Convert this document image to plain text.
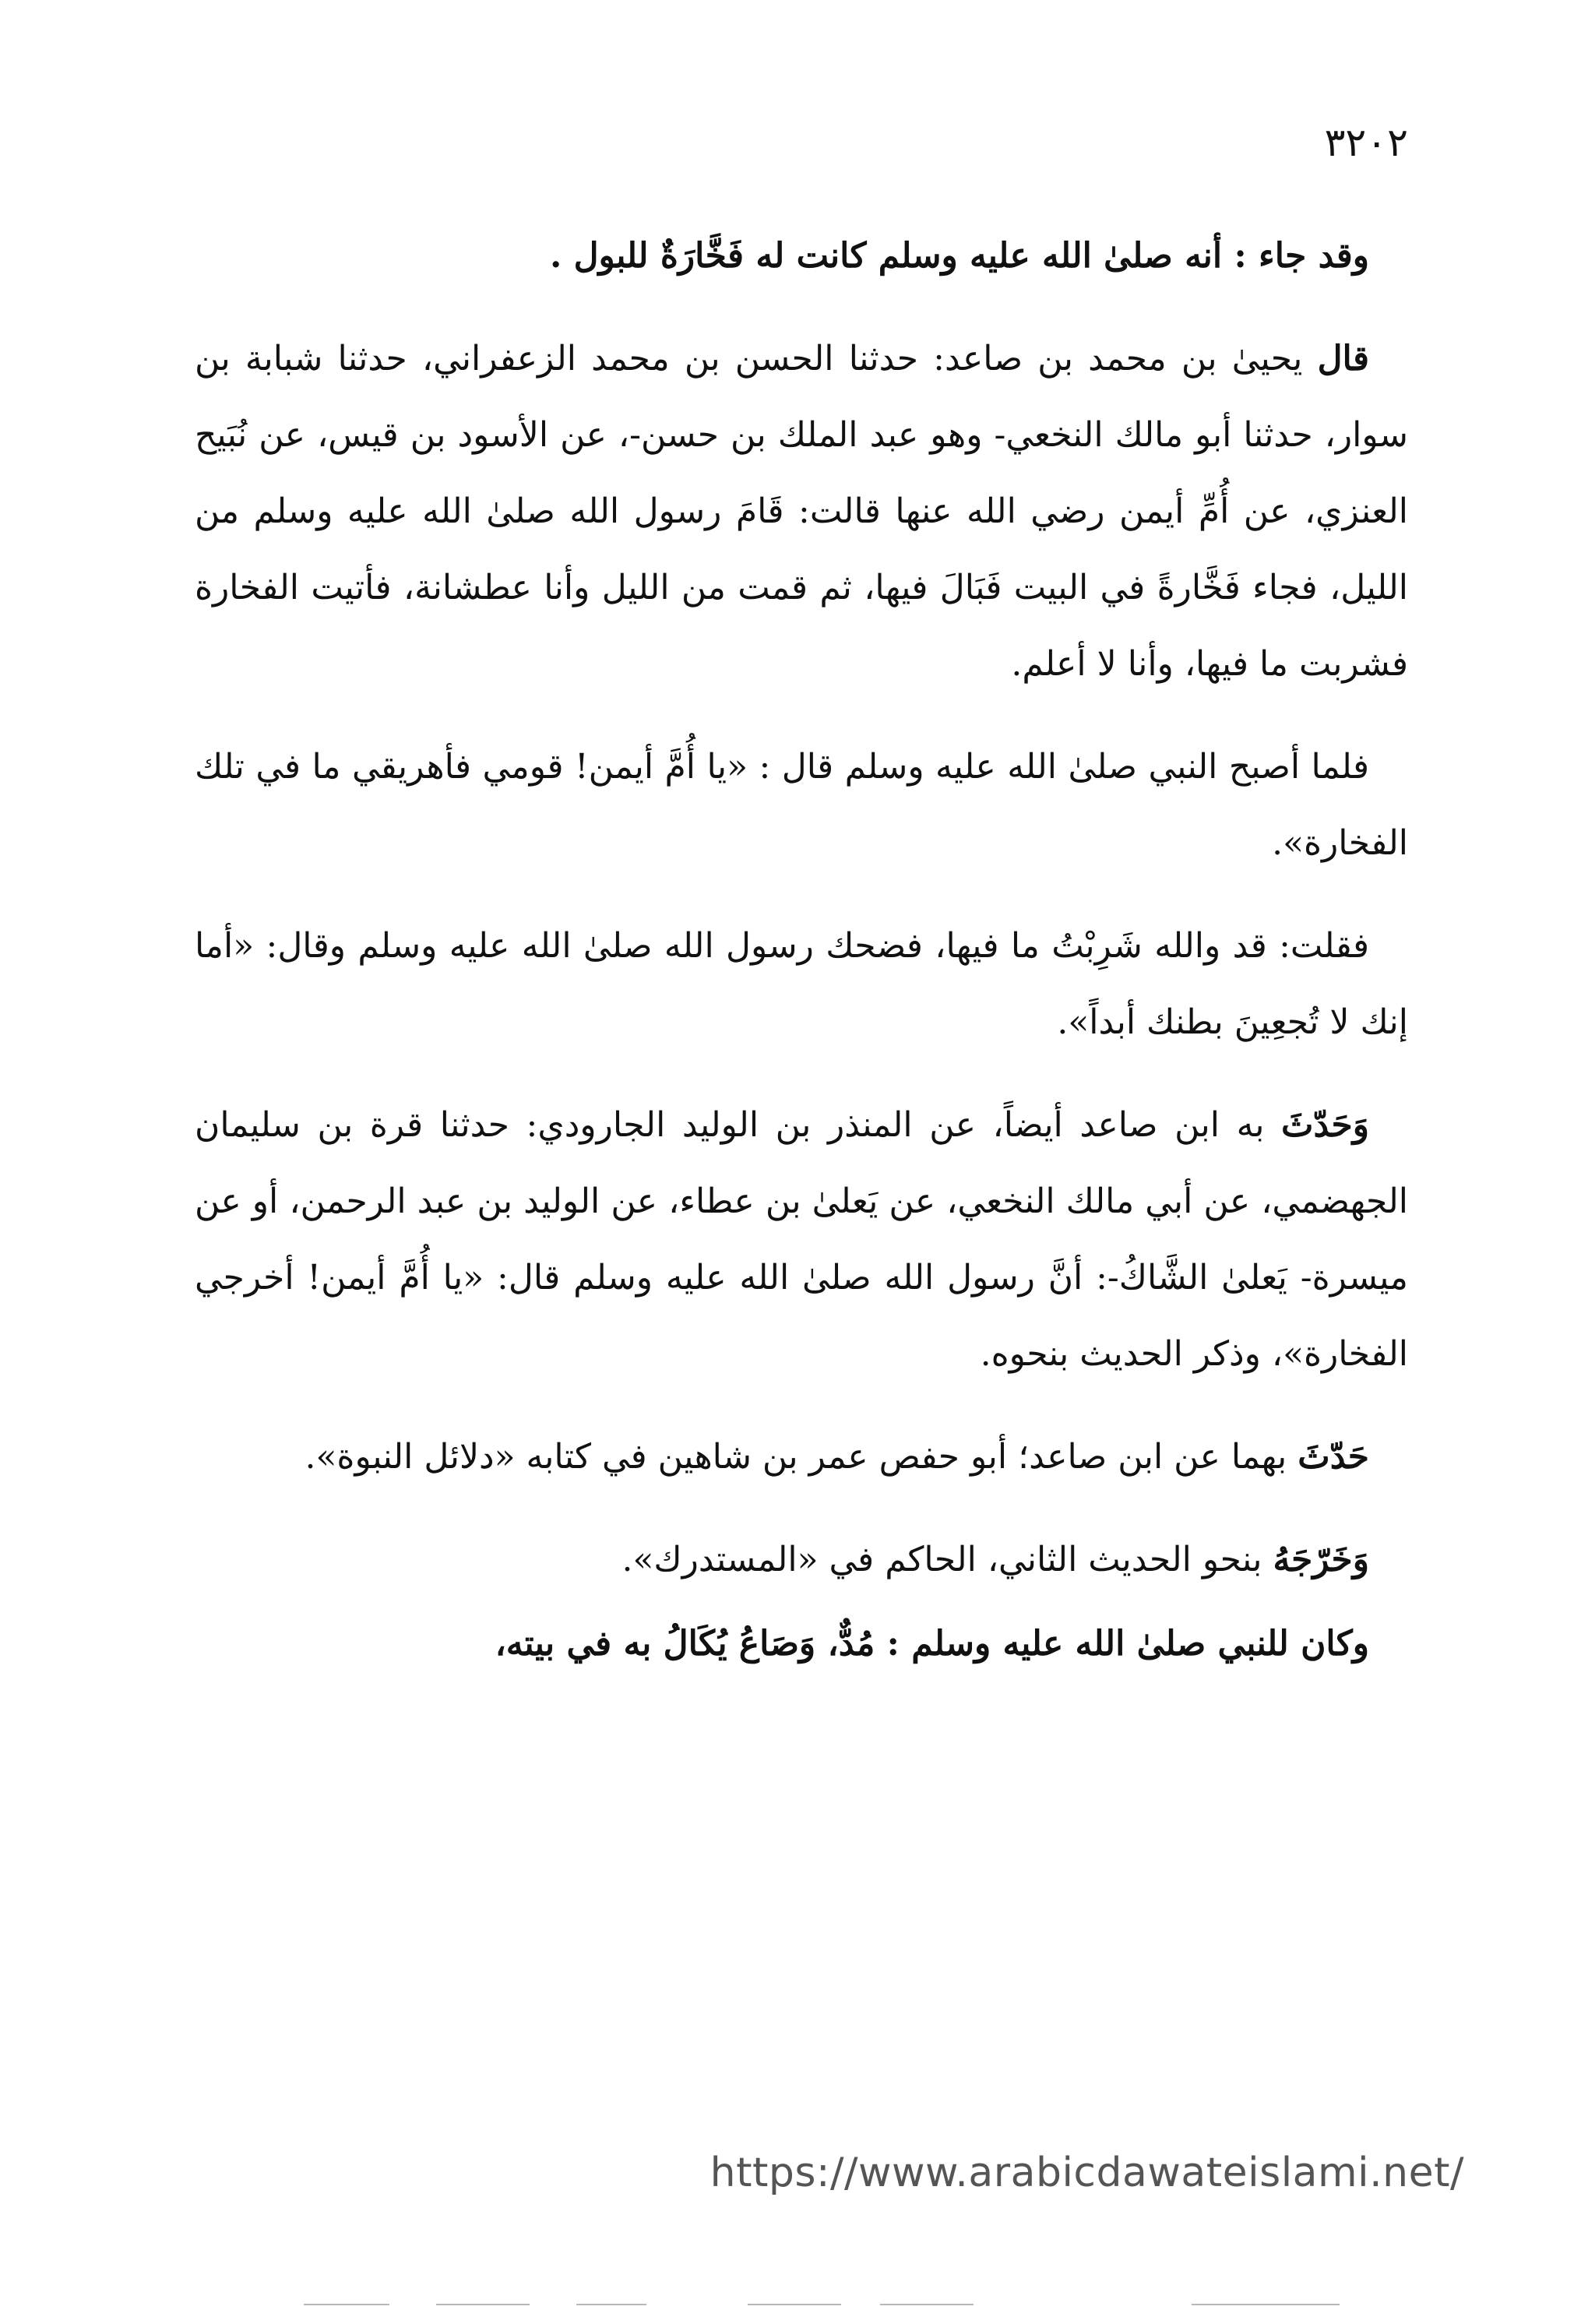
٣٢٠٢

وقد جاء : أنه صلىٰ الله عليه وسلم كانت له فَخَّارَةٌ للبول .

قال يحيىٰ بن محمد بن صاعد: حدثنا الحسن بن محمد الزعفراني، حدثنا شبابة بن سوار، حدثنا أبو مالك النخعي- وهو عبد الملك بن حسن-، عن الأسود بن قيس، عن نُبَيح العنزي، عن أُمِّ أيمن رضي الله عنها قالت: قَامَ رسول الله صلىٰ الله عليه وسلم من الليل، فجاء فَخَّارةً في البيت فَبَالَ فيها، ثم قمت من الليل وأنا عطشانة، فأتيت الفخارة فشربت ما فيها، وأنا لا أعلم.

فلما أصبح النبي صلىٰ الله عليه وسلم قال : «يا أُمَّ أيمن! قومي فأهريقي ما في تلك الفخارة».

فقلت: قد والله شَرِبْتُ ما فيها، فضحك رسول الله صلىٰ الله عليه وسلم وقال: «أما إنك لا تُجعِينَ بطنك أبداً».

وَحَدّثَ به ابن صاعد أيضاً، عن المنذر بن الوليد الجارودي: حدثنا قرة بن سليمان الجهضمي، عن أبي مالك النخعي، عن يَعلىٰ بن عطاء، عن الوليد بن عبد الرحمن، أو عن ميسرة- يَعلىٰ الشَّاكُ-: أنَّ رسول الله صلىٰ الله عليه وسلم قال: «يا أُمَّ أيمن! أخرجي الفخارة»، وذكر الحديث بنحوه.

حَدّثَ بهما عن ابن صاعد؛ أبو حفص عمر بن شاهين في كتابه «دلائل النبوة».

وَخَرّجَهُ بنحو الحديث الثاني، الحاكم في «المستدرك».

وكان للنبي صلىٰ الله عليه وسلم : مُدٌّ، وَصَاعُ يُكَالُ به في بيته،

https://www.arabicdawateislami.net/
